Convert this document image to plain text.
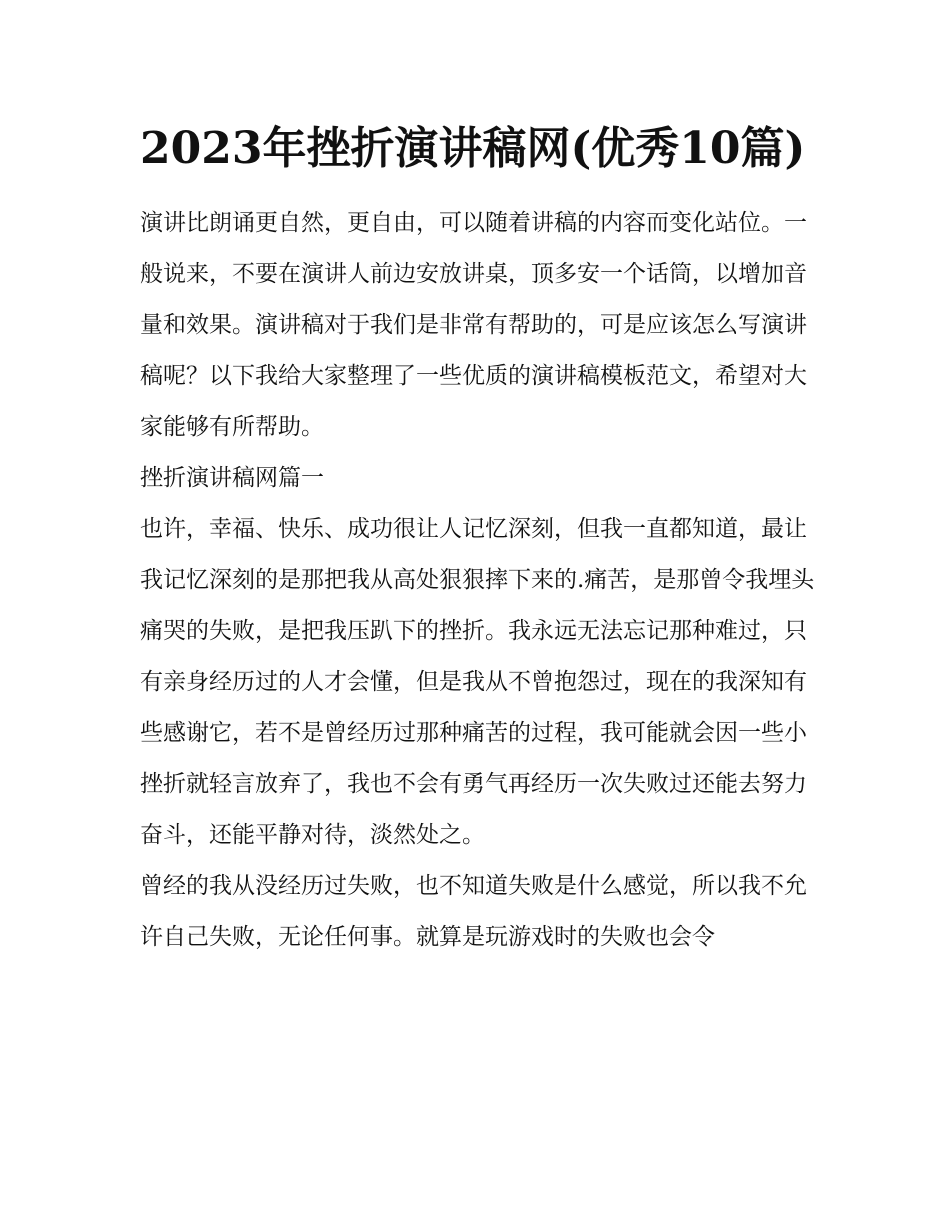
2023年挫折演讲稿网(优秀10篇)

演讲比朗诵更自然，更自由，可以随着讲稿的内容而变化站位。一般说来，不要在演讲人前边安放讲桌，顶多安一个话筒，以增加音量和效果。演讲稿对于我们是非常有帮助的，可是应该怎么写演讲稿呢？以下我给大家整理了一些优质的演讲稿模板范文，希望对大家能够有所帮助。

挫折演讲稿网篇一

也许，幸福、快乐、成功很让人记忆深刻，但我一直都知道，最让我记忆深刻的是那把我从高处狠狠摔下来的.痛苦，是那曾令我埋头痛哭的失败，是把我压趴下的挫折。我永远无法忘记那种难过，只有亲身经历过的人才会懂，但是我从不曾抱怨过，现在的我深知有些感谢它，若不是曾经历过那种痛苦的过程，我可能就会因一些小挫折就轻言放弃了，我也不会有勇气再经历一次失败过还能去努力奋斗，还能平静对待，淡然处之。

曾经的我从没经历过失败，也不知道失败是什么感觉，所以我不允许自己失败，无论任何事。就算是玩游戏时的失败也会令
